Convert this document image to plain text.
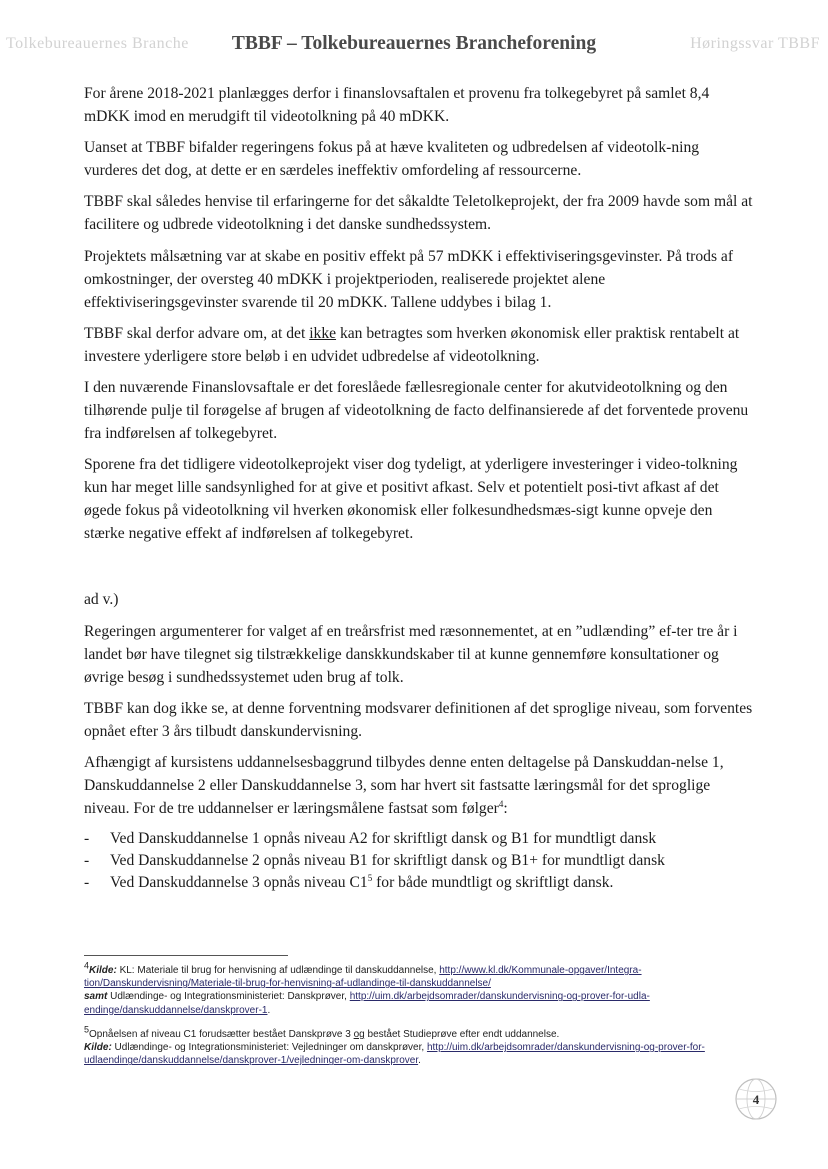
Tolkebureauernes Branche	TBBF – Tolkebureauernes Brancheforening	Høringssvar TBBF

For årene 2018-2021 planlægges derfor i finanslovsaftalen et provenu fra tolkegebyret på samlet 8,4 mDKK imod en merudgift til videotolkning på 40 mDKK.

Uanset at TBBF bifalder regeringens fokus på at hæve kvaliteten og udbredelsen af videotolk-ning vurderes det dog, at dette er en særdeles ineffektiv omfordeling af ressourcerne.

TBBF skal således henvise til erfaringerne for det såkaldte Teletolkeprojekt, der fra 2009 havde som mål at facilitere og udbrede videotolkning i det danske sundhedssystem.

Projektets målsætning var at skabe en positiv effekt på 57 mDKK i effektiviseringsgevinster. På trods af omkostninger, der oversteg 40 mDKK i projektperioden, realiserede projektet alene effektiviseringsgevinster svarende til 20 mDKK. Tallene uddybes i bilag 1.

TBBF skal derfor advare om, at det ikke kan betragtes som hverken økonomisk eller praktisk rentabelt at investere yderligere store beløb i en udvidet udbredelse af videotolkning.

I den nuværende Finanslovsaftale er det foreslåede fællesregionale center for akutvideotolkning og den tilhørende pulje til forøgelse af brugen af videotolkning de facto delfinansierede af det forventede provenu fra indførelsen af tolkegebyret.

Sporene fra det tidligere videotolkeprojekt viser dog tydeligt, at yderligere investeringer i video-tolkning kun har meget lille sandsynlighed for at give et positivt afkast. Selv et potentielt posi-tivt afkast af det øgede fokus på videotolkning vil hverken økonomisk eller folkesundhedsmæs-sigt kunne opveje den stærke negative effekt af indførelsen af tolkegebyret.

ad v.)

Regeringen argumenterer for valget af en treårsfrist med ræsonnementet, at en ”udlænding” ef-ter tre år i landet bør have tilegnet sig tilstrækkelige danskkundskaber til at kunne gennemføre konsultationer og øvrige besøg i sundhedssystemet uden brug af tolk.

TBBF kan dog ikke se, at denne forventning modsvarer definitionen af det sproglige niveau, som forventes opnået efter 3 års tilbudt danskundervisning.

Afhængigt af kursistens uddannelsesbaggrund tilbydes denne enten deltagelse på Danskuddan-nelse 1, Danskuddannelse 2 eller Danskuddannelse 3, som har hvert sit fastsatte læringsmål for det sproglige niveau. For de tre uddannelser er læringsmålene fastsat som følger$^4$:

- Ved Danskuddannelse 1 opnås niveau A2 for skriftligt dansk og B1 for mundtligt dansk
- Ved Danskuddannelse 2 opnås niveau B1 for skriftligt dansk og B1+ for mundtligt dansk
- Ved Danskuddannelse 3 opnås niveau $C1^5$ for både mundtligt og skriftligt dansk.
$^4$Kilde: KL: Materiale til brug for henvisning af udlændinge til danskuddannelse, http://www.kl.dk/Kommunale-opgaver/Integra-tion/Danskundervisning/Materiale-til-brug-for-henvisning-af-udlandinge-til-danskuddannelse/
samt Udlændinge- og Integrationsministeriet: Danskprøver, http://uim.dk/arbejdsomrader/danskundervisning-og-prover-for-udla-endinge/danskuddannelse/danskprover-1.
$^5$Opnåelsen af niveau C1 forudsætter bestået Danskprøve 3 og bestået Studieprøve efter endt uddannelse.
Kilde: Udlændinge- og Integrationsministeriet: Vejledninger om danskprøver, http://uim.dk/arbejdsomrader/danskundervisning-og-prover-for-udlaendinge/danskuddannelse/danskprover-1/vejledninger-om-danskprover.
4
